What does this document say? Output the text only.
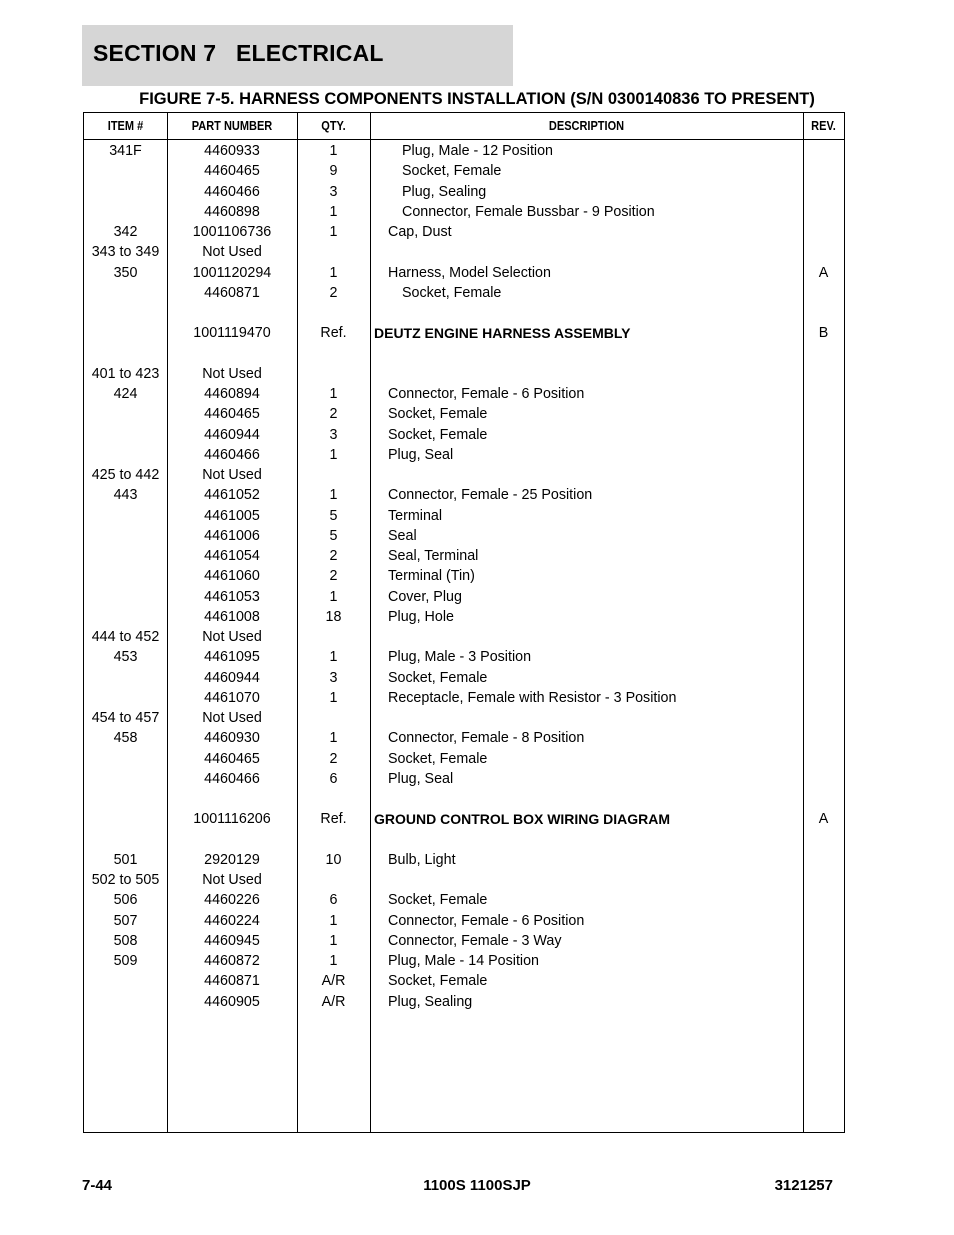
SECTION 7   ELECTRICAL
FIGURE 7-5. HARNESS COMPONENTS INSTALLATION (S/N 0300140836 TO PRESENT)
ITEM #	PART NUMBER	QTY.	DESCRIPTION	REV.
341F	4460933	1	Plug, Male - 12 Position
4460465	9	Socket, Female
4460466	3	Plug, Sealing
4460898	1	Connector, Female Bussbar - 9 Position
342	1001106736	1	Cap, Dust
343 to 349	Not Used
350	1001120294	1	Harness, Model Selection	A
4460871	2	Socket, Female
1001119470	Ref.	DEUTZ ENGINE HARNESS ASSEMBLY	B
401 to 423	Not Used
424	4460894	1	Connector, Female - 6 Position
4460465	2	Socket, Female
4460944	3	Socket, Female
4460466	1	Plug, Seal
425 to 442	Not Used
443	4461052	1	Connector, Female - 25 Position
4461005	5	Terminal
4461006	5	Seal
4461054	2	Seal, Terminal
4461060	2	Terminal (Tin)
4461053	1	Cover, Plug
4461008	18	Plug, Hole
444 to 452	Not Used
453	4461095	1	Plug, Male - 3 Position
4460944	3	Socket, Female
4461070	1	Receptacle, Female with Resistor - 3 Position
454 to 457	Not Used
458	4460930	1	Connector, Female - 8 Position
4460465	2	Socket, Female
4460466	6	Plug, Seal
1001116206	Ref.	GROUND CONTROL BOX WIRING DIAGRAM	A
501	2920129	10	Bulb, Light
502 to 505	Not Used
506	4460226	6	Socket, Female
507	4460224	1	Connector, Female - 6 Position
508	4460945	1	Connector, Female - 3 Way
509	4460872	1	Plug, Male - 14 Position
4460871	A/R	Socket, Female
4460905	A/R	Plug, Sealing
7-44	1100S 1100SJP	3121257
